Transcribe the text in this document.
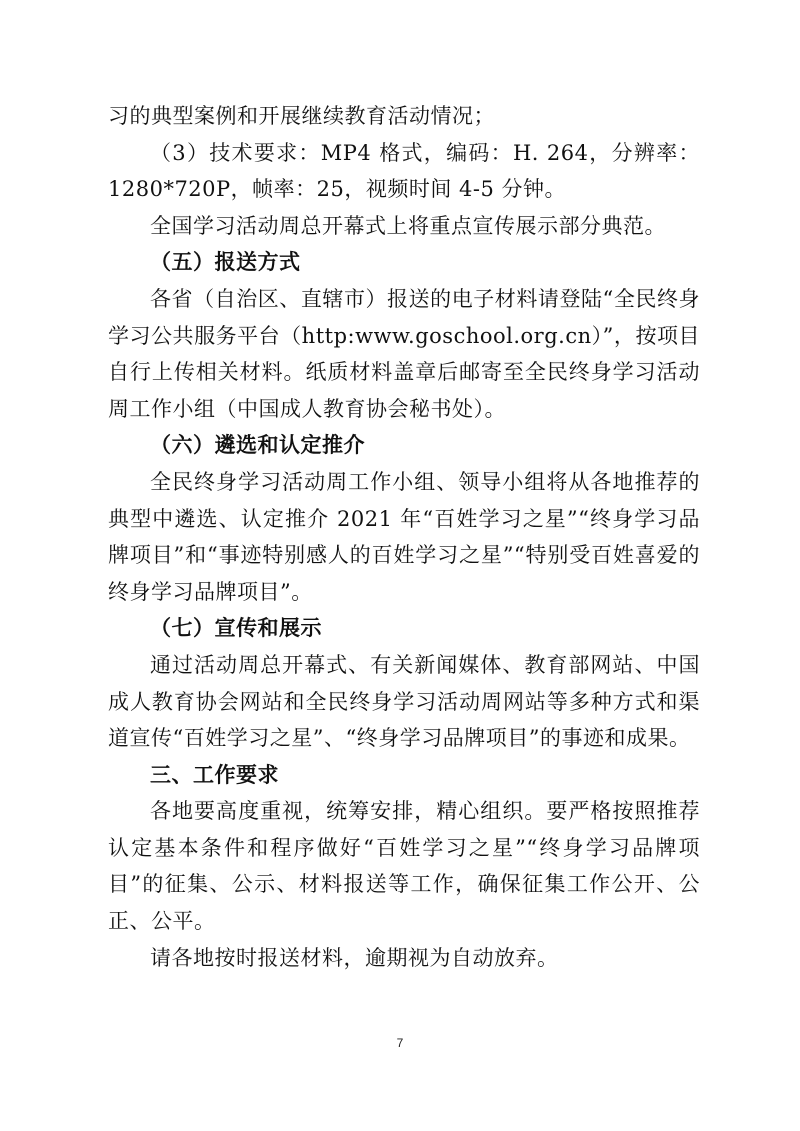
习的典型案例和开展继续教育活动情况；

（3）技术要求：MP4 格式，编码：H. 264，分辨率：1280*720P，帧率：25，视频时间 4-5 分钟。

全国学习活动周总开幕式上将重点宣传展示部分典范。

（五）报送方式

各省（自治区、直辖市）报送的电子材料请登陆“全民终身学习公共服务平台（http:www.goschool.org.cn）”，按项目自行上传相关材料。纸质材料盖章后邮寄至全民终身学习活动周工作小组（中国成人教育协会秘书处）。

（六）遴选和认定推介

全民终身学习活动周工作小组、领导小组将从各地推荐的典型中遴选、认定推介 2021 年“百姓学习之星”“终身学习品牌项目”和“事迹特别感人的百姓学习之星”“特别受百姓喜爱的终身学习品牌项目”。

（七）宣传和展示

通过活动周总开幕式、有关新闻媒体、教育部网站、中国成人教育协会网站和全民终身学习活动周网站等多种方式和渠道宣传“百姓学习之星”、“终身学习品牌项目”的事迹和成果。

三、工作要求

各地要高度重视，统筹安排，精心组织。要严格按照推荐认定基本条件和程序做好“百姓学习之星”“终身学习品牌项目”的征集、公示、材料报送等工作，确保征集工作公开、公正、公平。

请各地按时报送材料，逾期视为自动放弃。

7
